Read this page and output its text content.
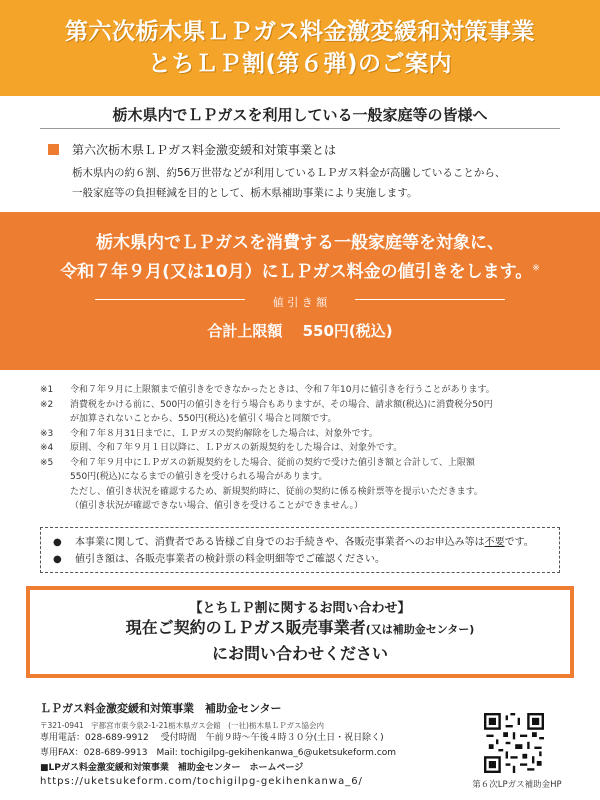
第六次栃木県ＬＰガス料金激変緩和対策事業
とちＬＰ割(第６弾)のご案内
栃木県内でＬＰガスを利用している一般家庭等の皆様へ
第六次栃木県ＬＰガス料金激変緩和対策事業とは
栃木県内の約６割、約56万世帯などが利用しているＬＰガス料金が高騰していることから、
一般家庭等の負担軽減を目的として、栃木県補助事業により実施します。
栃木県内でＬＰガスを消費する一般家庭等を対象に、
令和７年９月(又は10月）にＬＰガス料金の値引きをします。※
値 引 き 額
合計上限額　 550円(税込)
※1	令和７年９月に上限額まで値引きをできなかったときは、令和７年10月に値引きを行うことがあります。
※2	消費税をかける前に、500円の値引きを行う場合もありますが、その場合、請求額(税込)に消費税分50円
が加算されないことから、550円(税込)を値引く場合と同額です。
※3	令和７年８月31日までに、ＬＰガスの契約解除をした場合は、対象外です。
※4	原則、令和７年９月１日以降に、ＬＰガスの新規契約をした場合は、対象外です。
※5	令和７年９月中にＬＰガスの新規契約をした場合、従前の契約で受けた値引き額と合計して、上限額
550円(税込)になるまでの値引きを受けられる場合があります。
ただし、値引き状況を確認するため、新規契約時に、従前の契約に係る検針票等を提示いただきます。
（値引き状況が確認できない場合、値引きを受けることができません。）
●	本事業に関して、消費者である皆様ご自身でのお手続きや、各販売事業者へのお申込み等は不要です。
●	値引き額は、各販売事業者の検針票の料金明細等でご確認ください。
【とちＬＰ割に関するお問い合わせ】
現在ご契約のＬＰガス販売事業者(又は補助金センター)
にお問い合わせください
ＬＰガス料金激変緩和対策事業　補助金センター
〒321-0941　宇都宮市東今泉2-1-21栃木県ガス会館　(一社)栃木県ＬＰガス協会内
専用電話：028-689-9912　 受付時間　午前９時〜午後４時３０分(土日・祝日除く)
専用FAX：028-689-9913　 Mail: tochigilpg-gekihenkanwa_6@uketsukeform.com
■LPガス料金激変緩和対策事業　補助金センター　ホームページ
https://uketsukeform.com/tochigilpg-gekihenkanwa_6/	第６次LPガス補助金HP
